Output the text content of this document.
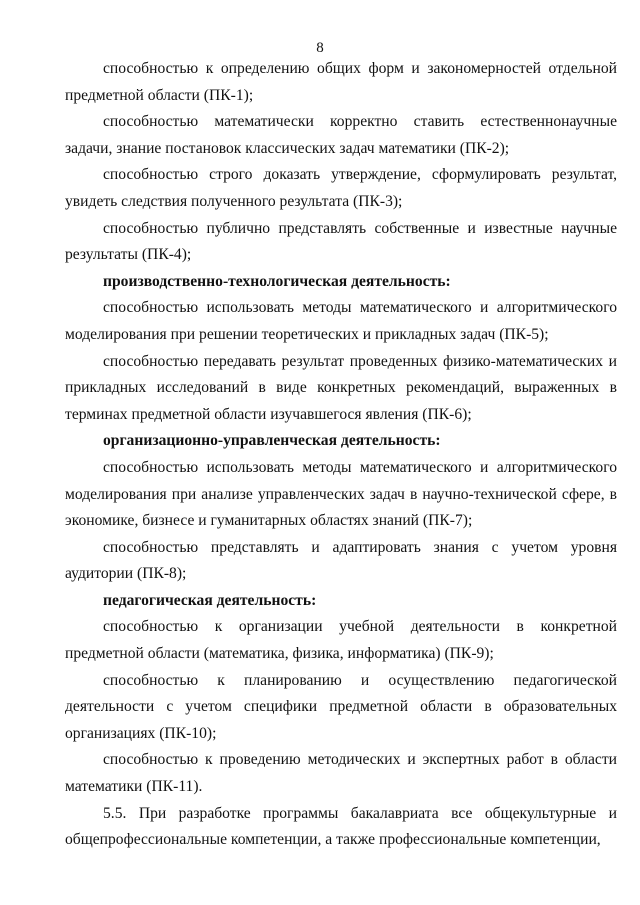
8

способностью к определению общих форм и закономерностей отдельной предметной области (ПК-1);

способностью математически корректно ставить естественнонаучные задачи, знание постановок классических задач математики (ПК-2);

способностью строго доказать утверждение, сформулировать результат, увидеть следствия полученного результата (ПК-3);

способностью публично представлять собственные и известные научные результаты (ПК-4);

производственно-технологическая деятельность:

способностью использовать методы математического и алгоритмического моделирования при решении теоретических и прикладных задач (ПК-5);

способностью передавать результат проведенных физико-математических и прикладных исследований в виде конкретных рекомендаций, выраженных в терминах предметной области изучавшегося явления (ПК-6);

организационно-управленческая деятельность:

способностью использовать методы математического и алгоритмического моделирования при анализе управленческих задач в научно-технической сфере, в экономике, бизнесе и гуманитарных областях знаний (ПК-7);

способностью представлять и адаптировать знания с учетом уровня аудитории (ПК-8);

педагогическая деятельность:

способностью к организации учебной деятельности в конкретной предметной области (математика, физика, информатика) (ПК-9);

способностью к планированию и осуществлению педагогической деятельности с учетом специфики предметной области в образовательных организациях (ПК-10);

способностью к проведению методических и экспертных работ в области математики (ПК-11).

5.5. При разработке программы бакалавриата все общекультурные и общепрофессиональные компетенции, а также профессиональные компетенции,
